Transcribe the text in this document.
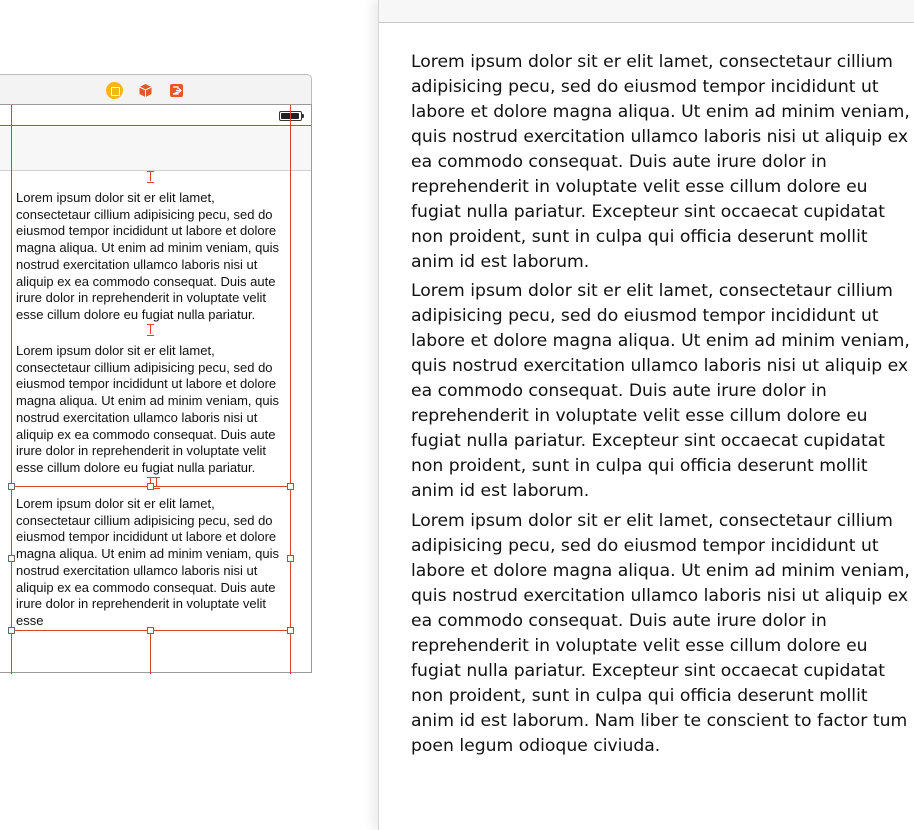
Lorem ipsum dolor sit er elit lamet, consectetaur cillium adipisicing pecu, sed do eiusmod tempor incididunt ut labore et dolore magna aliqua. Ut enim ad minim veniam, quis nostrud exercitation ullamco laboris nisi ut aliquip ex ea commodo consequat. Duis aute irure dolor in reprehenderit in voluptate velit esse cillum dolore eu fugiat nulla pariatur.
Lorem ipsum dolor sit er elit lamet, consectetaur cillium adipisicing pecu, sed do eiusmod tempor incididunt ut labore et dolore magna aliqua. Ut enim ad minim veniam, quis nostrud exercitation ullamco laboris nisi ut aliquip ex ea commodo consequat. Duis aute irure dolor in reprehenderit in voluptate velit esse cillum dolore eu fugiat nulla pariatur.
Lorem ipsum dolor sit er elit lamet, consectetaur cillium adipisicing pecu, sed do eiusmod tempor incididunt ut labore et dolore magna aliqua. Ut enim ad minim veniam, quis nostrud exercitation ullamco laboris nisi ut aliquip ex ea commodo consequat. Duis aute irure dolor in reprehenderit in voluptate velit esse
Lorem ipsum dolor sit er elit lamet, consectetaur cillium adipisicing pecu, sed do eiusmod tempor incididunt ut labore et dolore magna aliqua. Ut enim ad minim veniam, quis nostrud exercitation ullamco laboris nisi ut aliquip ex ea commodo consequat. Duis aute irure dolor in reprehenderit in voluptate velit esse cillum dolore eu fugiat nulla pariatur. Excepteur sint occaecat cupidatat non proident, sunt in culpa qui officia deserunt mollit anim id est laborum.
Lorem ipsum dolor sit er elit lamet, consectetaur cillium adipisicing pecu, sed do eiusmod tempor incididunt ut labore et dolore magna aliqua. Ut enim ad minim veniam, quis nostrud exercitation ullamco laboris nisi ut aliquip ex ea commodo consequat. Duis aute irure dolor in reprehenderit in voluptate velit esse cillum dolore eu fugiat nulla pariatur. Excepteur sint occaecat cupidatat non proident, sunt in culpa qui officia deserunt mollit anim id est laborum.
Lorem ipsum dolor sit er elit lamet, consectetaur cillium adipisicing pecu, sed do eiusmod tempor incididunt ut labore et dolore magna aliqua. Ut enim ad minim veniam, quis nostrud exercitation ullamco laboris nisi ut aliquip ex ea commodo consequat. Duis aute irure dolor in reprehenderit in voluptate velit esse cillum dolore eu fugiat nulla pariatur. Excepteur sint occaecat cupidatat non proident, sunt in culpa qui officia deserunt mollit anim id est laborum. Nam liber te conscient to factor tum poen legum odioque civiuda.
